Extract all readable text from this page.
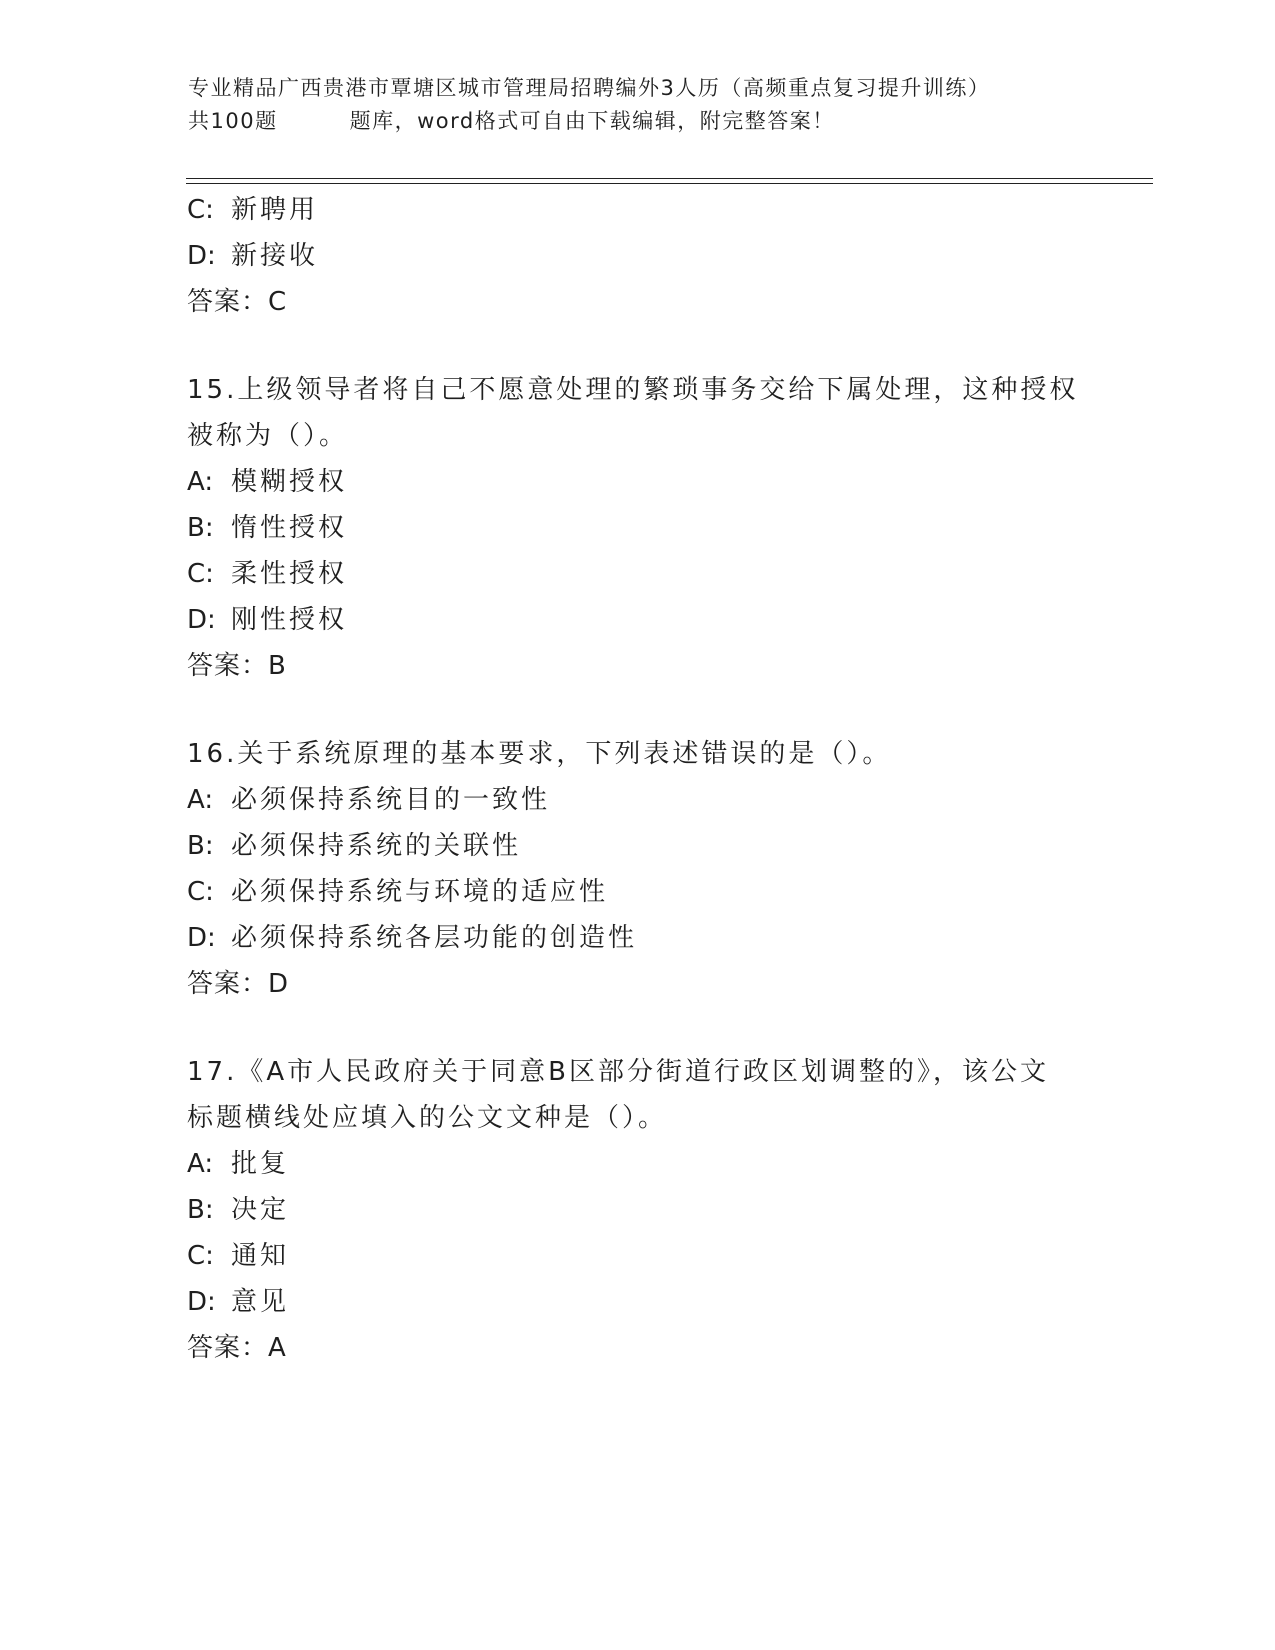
专业精品广西贵港市覃塘区城市管理局招聘编外3人历（高频重点复习提升训练）
共100题	题库，word格式可自由下载编辑，附完整答案！
C: 新聘用
D: 新接收
答案：C
15.上级领导者将自己不愿意处理的繁琐事务交给下属处理，这种授权
被称为（）。
A: 模糊授权
B: 惰性授权
C: 柔性授权
D: 刚性授权
答案：B
16.关于系统原理的基本要求，下列表述错误的是（）。
A: 必须保持系统目的一致性
B: 必须保持系统的关联性
C: 必须保持系统与环境的适应性
D: 必须保持系统各层功能的创造性
答案：D
17.《A市人民政府关于同意B区部分街道行政区划调整的》，该公文
标题横线处应填入的公文文种是（）。
A: 批复
B: 决定
C: 通知
D: 意见
答案：A
